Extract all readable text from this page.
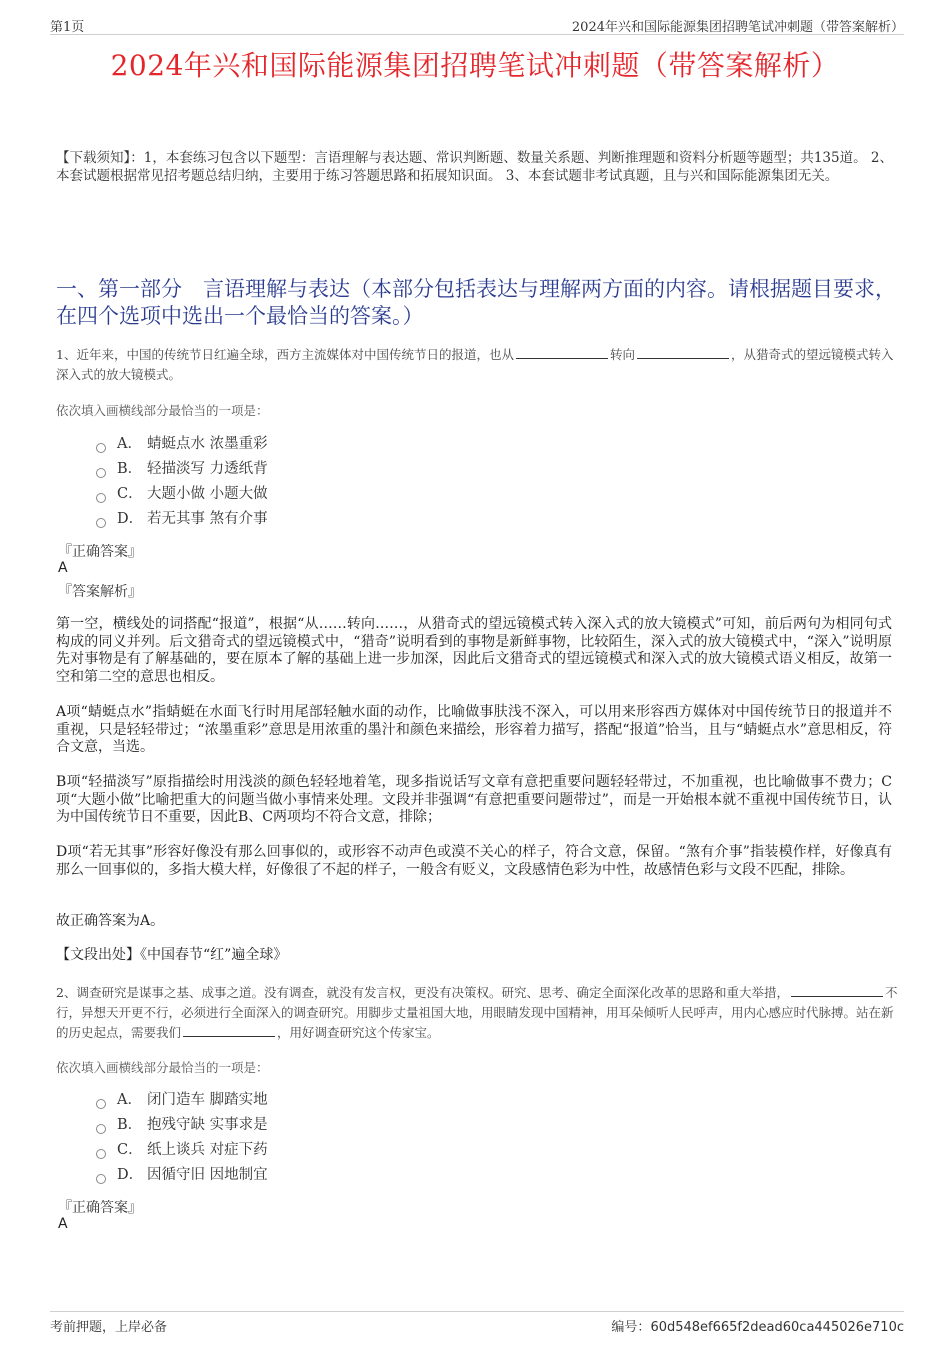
第1页	2024年兴和国际能源集团招聘笔试冲刺题（带答案解析）
2024年兴和国际能源集团招聘笔试冲刺题（带答案解析）
【下载须知】：1，本套练习包含以下题型：言语理解与表达题、常识判断题、数量关系题、判断推理题和资料分析题等题型；共135道。 2、本套试题根据常见招考题总结归纳，主要用于练习答题思路和拓展知识面。 3、本套试题非考试真题，且与兴和国际能源集团无关。
一、第一部分　言语理解与表达（本部分包括表达与理解两方面的内容。请根据题目要求，在四个选项中选出一个最恰当的答案。）
1、近年来，中国的传统节日红遍全球，西方主流媒体对中国传统节日的报道，也从	转向	，从猎奇式的望远镜模式转入深入式的放大镜模式。
依次填入画横线部分最恰当的一项是：
A． 蜻蜓点水 浓墨重彩
B． 轻描淡写 力透纸背
C． 大题小做 小题大做
D． 若无其事 煞有介事
『正确答案』
A
『答案解析』
第一空，横线处的词搭配“报道”，根据“从……转向……，从猎奇式的望远镜模式转入深入式的放大镜模式”可知，前后两句为相同句式构成的同义并列。后文猎奇式的望远镜模式中，“猎奇”说明看到的事物是新鲜事物，比较陌生，深入式的放大镜模式中，“深入”说明原先对事物是有了解基础的，要在原本了解的基础上进一步加深，因此后文猎奇式的望远镜模式和深入式的放大镜模式语义相反，故第一空和第二空的意思也相反。
A项“蜻蜓点水”指蜻蜓在水面飞行时用尾部轻触水面的动作，比喻做事肤浅不深入，可以用来形容西方媒体对中国传统节日的报道并不重视，只是轻轻带过；“浓墨重彩”意思是用浓重的墨汁和颜色来描绘，形容着力描写，搭配“报道”恰当，且与“蜻蜓点水”意思相反，符合文意，当选。
B项“轻描淡写”原指描绘时用浅淡的颜色轻轻地着笔，现多指说话写文章有意把重要问题轻轻带过，不加重视，也比喻做事不费力；C项“大题小做”比喻把重大的问题当做小事情来处理。文段并非强调“有意把重要问题带过”，而是一开始根本就不重视中国传统节日，认为中国传统节日不重要，因此B、C两项均不符合文意，排除；
D项“若无其事”形容好像没有那么回事似的，或形容不动声色或漠不关心的样子，符合文意，保留。“煞有介事”指装模作样，好像真有那么一回事似的，多指大模大样，好像很了不起的样子，一般含有贬义，文段感情色彩为中性，故感情色彩与文段不匹配，排除。
故正确答案为A。
【文段出处】《中国春节“红”遍全球》
2、调查研究是谋事之基、成事之道。没有调查，就没有发言权，更没有决策权。研究、思考、确定全面深化改革的思路和重大举措，	不行，异想天开更不行，必须进行全面深入的调查研究。用脚步丈量祖国大地，用眼睛发现中国精神，用耳朵倾听人民呼声，用内心感应时代脉搏。站在新的历史起点，需要我们	，用好调查研究这个传家宝。
依次填入画横线部分最恰当的一项是：
A． 闭门造车 脚踏实地
B． 抱残守缺 实事求是
C． 纸上谈兵 对症下药
D． 因循守旧 因地制宜
『正确答案』
A
考前押题，上岸必备	编号：60d548ef665f2dead60ca445026e710c
